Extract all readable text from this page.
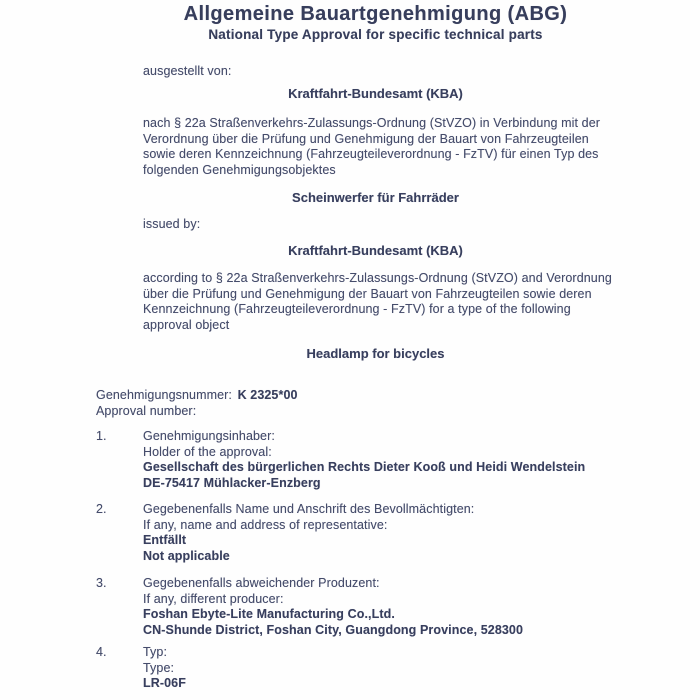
Allgemeine Bauartgenehmigung (ABG)
National Type Approval for specific technical parts
ausgestellt von:
Kraftfahrt-Bundesamt (KBA)
nach § 22a Straßenverkehrs-Zulassungs-Ordnung (StVZO) in Verbindung mit der Verordnung über die Prüfung und Genehmigung der Bauart von Fahrzeugteilen sowie deren Kennzeichnung (Fahrzeugteileverordnung - FzTV) für einen Typ des folgenden Genehmigungsobjektes
Scheinwerfer für Fahrräder
issued by:
Kraftfahrt-Bundesamt (KBA)
according to § 22a Straßenverkehrs-Zulassungs-Ordnung (StVZO) and Verordnung über die Prüfung und Genehmigung der Bauart von Fahrzeugteilen sowie deren Kennzeichnung (Fahrzeugteileverordnung - FzTV) for a type of the following approval object
Headlamp for bicycles
Genehmigungsnummer: K 2325*00
Approval number:
1.	Genehmigungsinhaber:
Holder of the approval:
Gesellschaft des bürgerlichen Rechts Dieter Kooß und Heidi Wendelstein
DE-75417 Mühlacker-Enzberg
2.	Gegebenenfalls Name und Anschrift des Bevollmächtigten:
If any, name and address of representative:
Entfällt
Not applicable
3.	Gegebenenfalls abweichender Produzent:
If any, different producer:
Foshan Ebyte-Lite Manufacturing Co.,Ltd.
CN-Shunde District, Foshan City, Guangdong Province, 528300
4.	Typ:
Type:
LR-06F
